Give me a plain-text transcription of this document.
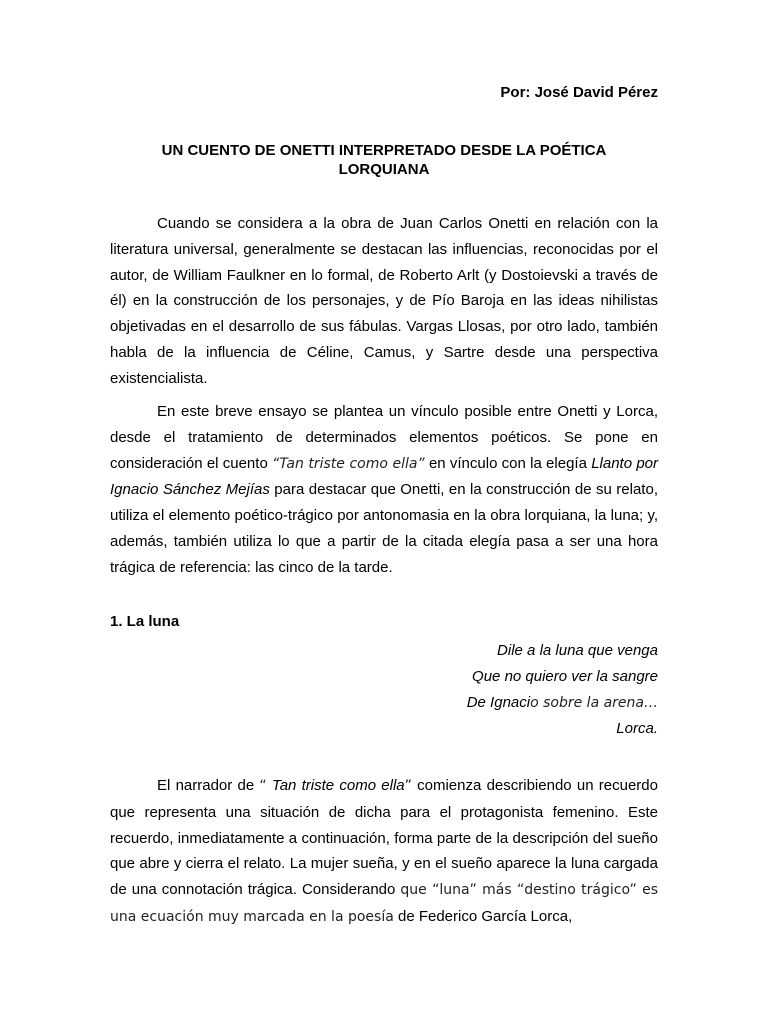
Por: José David Pérez
UN CUENTO DE ONETTI INTERPRETADO DESDE LA POÉTICA
LORQUIANA

Cuando se considera a la obra de Juan Carlos Onetti en relación con la literatura universal, generalmente se destacan las influencias, reconocidas por el autor, de William Faulkner en lo formal, de Roberto Arlt (y Dostoievski a través de él) en la construcción de los personajes, y de Pío Baroja en las ideas nihilistas objetivadas en el desarrollo de sus fábulas. Vargas Llosas, por otro lado, también habla de la influencia de Céline, Camus, y Sartre desde una perspectiva existencialista.

En este breve ensayo se plantea un vínculo posible entre Onetti y Lorca, desde el tratamiento de determinados elementos poéticos. Se pone en consideración el cuento “Tan triste como ella” en vínculo con la elegía Llanto por Ignacio Sánchez Mejías para destacar que Onetti, en la construcción de su relato, utiliza el elemento poético-trágico por antonomasia en la obra lorquiana, la luna; y, además, también utiliza lo que a partir de la citada elegía pasa a ser una hora trágica de referencia: las cinco de la tarde.

1. La luna
Dile a la luna que venga
Que no quiero ver la sangre
De Ignacio sobre la arena…
Lorca.

El narrador de “ Tan triste como ella” comienza describiendo un recuerdo que representa una situación de dicha para el protagonista femenino. Este recuerdo, inmediatamente a continuación, forma parte de la descripción del sueño que abre y cierra el relato. La mujer sueña, y en el sueño aparece la luna cargada de una connotación trágica. Considerando que “luna” más “destino trágico” es una ecuación muy marcada en la poesía de Federico García Lorca,
